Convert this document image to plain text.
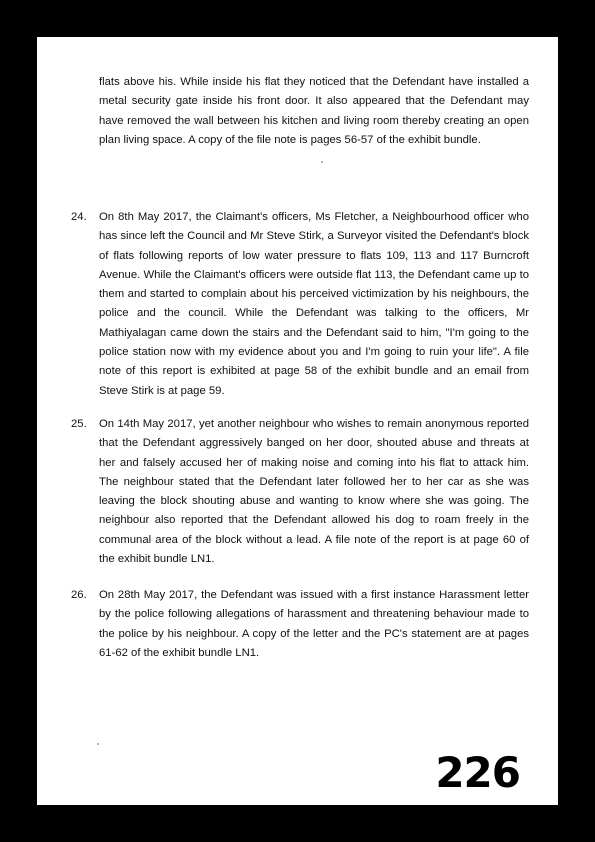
flats above his. While inside his flat they noticed that the Defendant have installed a metal security gate inside his front door. It also appeared that the Defendant may have removed the wall between his kitchen and living room thereby creating an open plan living space. A copy of the file note is pages 56-57 of the exhibit bundle.

24.	On 8th May 2017, the Claimant's officers, Ms Fletcher, a Neighbourhood officer who has since left the Council and Mr Steve Stirk, a Surveyor visited the Defendant's block of flats following reports of low water pressure to flats 109, 113 and 117 Burncroft Avenue. While the Claimant's officers were outside flat 113, the Defendant came up to them and started to complain about his perceived victimization by his neighbours, the police and the council. While the Defendant was talking to the officers, Mr Mathiyalagan came down the stairs and the Defendant said to him, "I'm going to the police station now with my evidence about you and I'm going to ruin your life". A file note of this report is exhibited at page 58 of the exhibit bundle and an email from Steve Stirk is at page 59.
25.	On 14th May 2017, yet another neighbour who wishes to remain anonymous reported that the Defendant aggressively banged on her door, shouted abuse and threats at her and falsely accused her of making noise and coming into his flat to attack him. The neighbour stated that the Defendant later followed her to her car as she was leaving the block shouting abuse and wanting to know where she was going. The neighbour also reported that the Defendant allowed his dog to roam freely in the communal area of the block without a lead. A file note of the report is at page 60 of the exhibit bundle LN1.
26.	On 28th May 2017, the Defendant was issued with a first instance Harassment letter by the police following allegations of harassment and threatening behaviour made to the police by his neighbour. A copy of the letter and the PC's statement are at pages 61-62 of the exhibit bundle LN1.
226
